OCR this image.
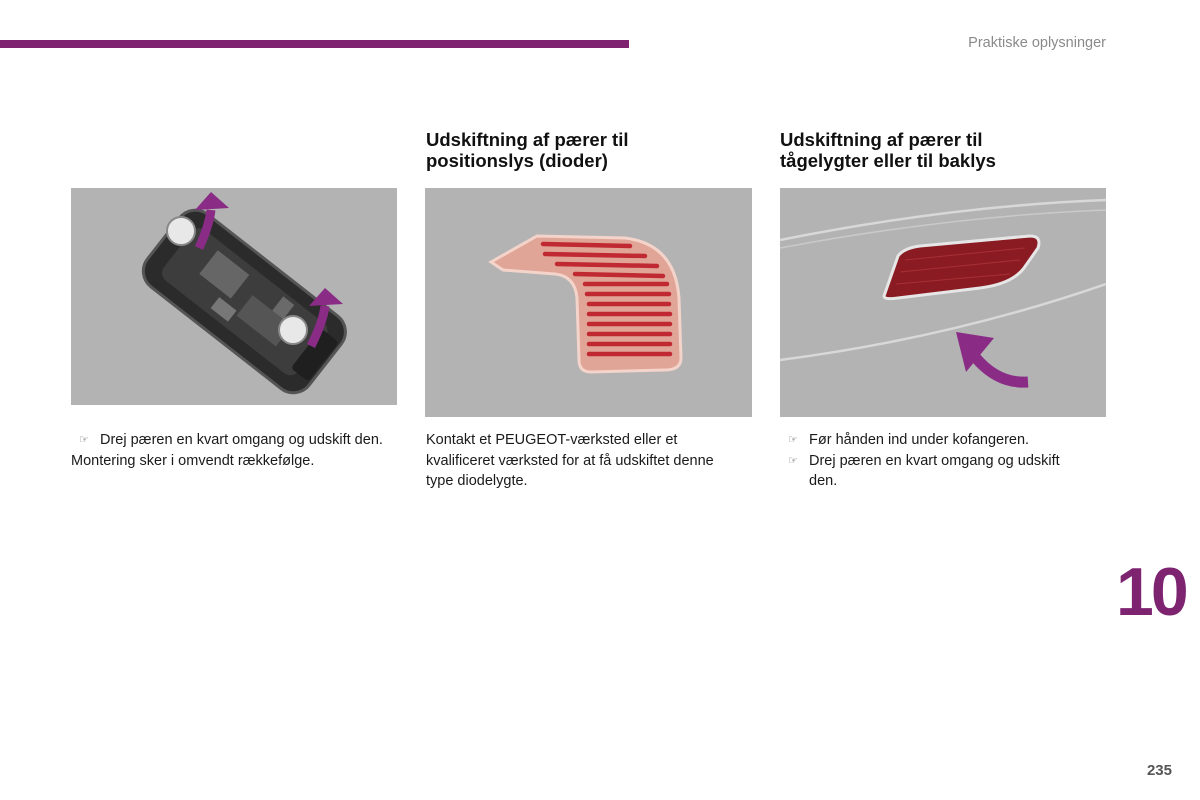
Praktiske oplysninger
Udskiftning af pærer til
positionslys (dioder)
Udskiftning af pærer til
tågelygter eller til baklys
☞ Drej pæren en kvart omgang og udskift den.
Montering sker i omvendt rækkefølge.
Kontakt et PEUGEOT-værksted eller et
kvalificeret værksted for at få udskiftet denne
type diodelygte.
☞ Før hånden ind under kofangeren.
☞ Drej pæren en kvart omgang og udskift den.
10
235
